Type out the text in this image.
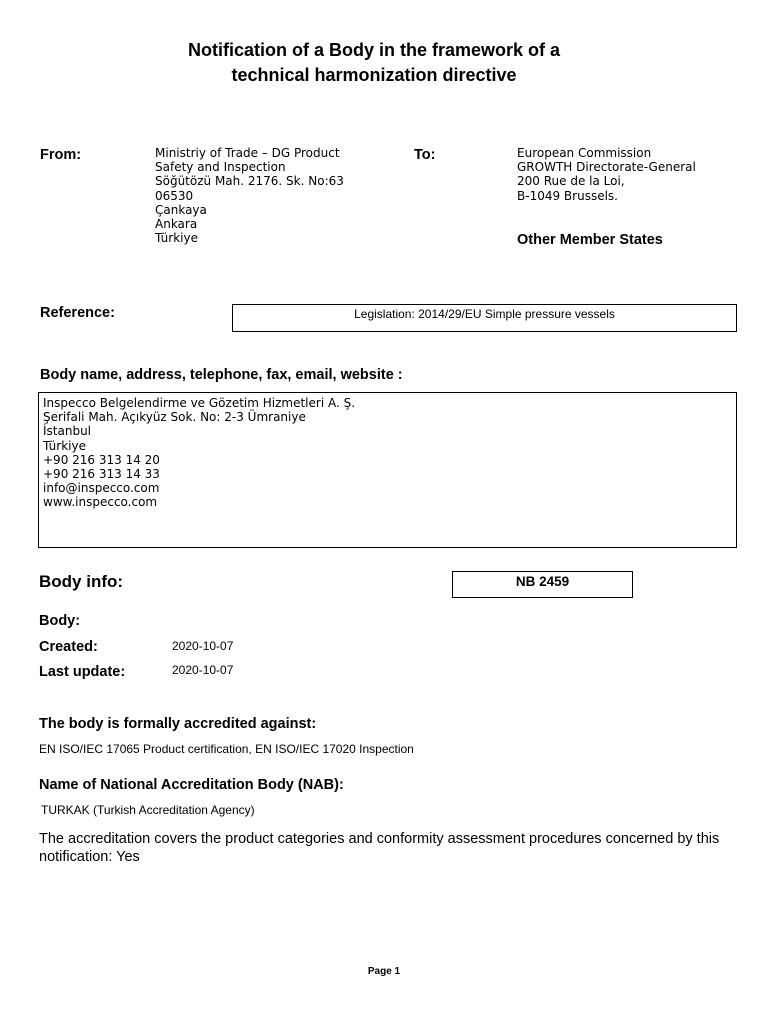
Notification of a Body in the framework of a
technical harmonization directive
From:	Ministriy of Trade – DG Product
Safety and Inspection
Söğütözü Mah. 2176. Sk. No:63
06530
Çankaya
Ankara
Türkiye
To:	European Commission
GROWTH Directorate-General
200 Rue de la Loi,
B-1049 Brussels.
Other Member States
Reference:	Legislation: 2014/29/EU Simple pressure vessels
Body name, address, telephone, fax, email, website :
Inspecco Belgelendirme ve Gözetim Hizmetleri A. Ş.
Şerifali Mah. Açıkyüz Sok. No: 2-3 Ümraniye
İstanbul
Türkiye
+90 216 313 14 20
+90 216 313 14 33
info@inspecco.com
www.inspecco.com
Body info:	NB 2459
Body:
Created:	2020-10-07
Last update:	2020-10-07
The body is formally accredited against:
EN ISO/IEC 17065 Product certification, EN ISO/IEC 17020 Inspection
Name of National Accreditation Body (NAB):
TURKAK (Turkish Accreditation Agency)
The accreditation covers the product categories and conformity assessment procedures concerned by this notification: Yes
Page 1
